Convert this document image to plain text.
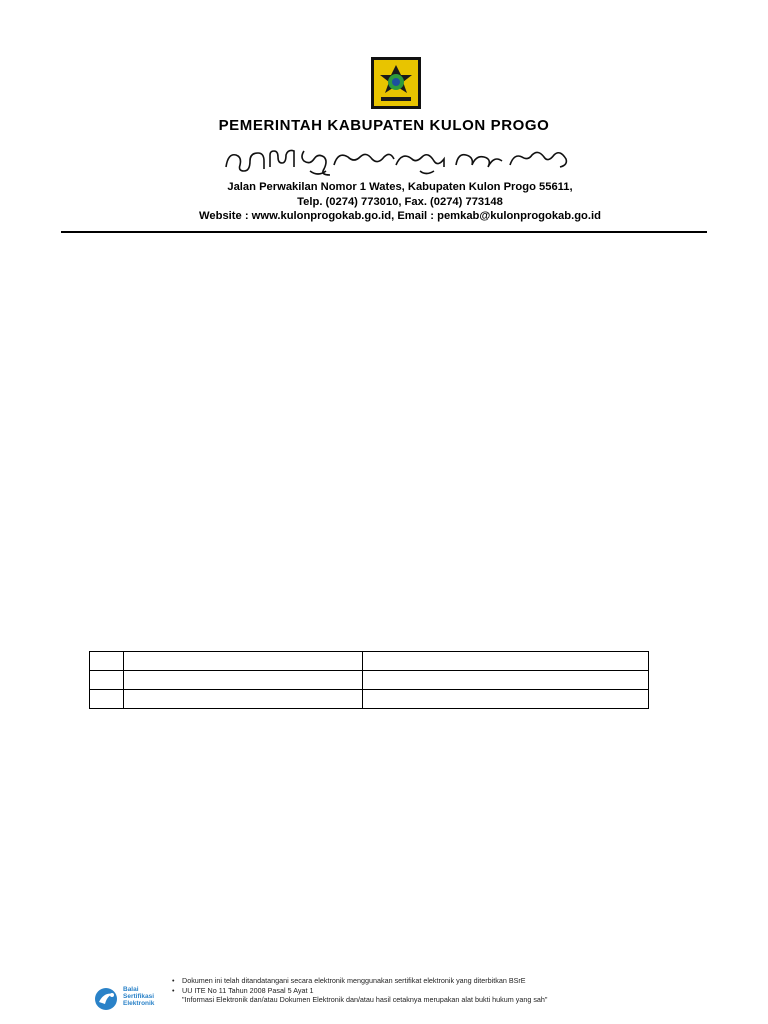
PEMERINTAH KABUPATEN KULON PROGO
Jalan Perwakilan Nomor 1 Wates, Kabupaten Kulon Progo 55611,
Telp. (0274) 773010, Fax. (0274) 773148
Website : www.kulonprogokab.go.id, Email : pemkab@kulonprogokab.go.id

Balai
Sertifikasi
Elektronik
• Dokumen ini telah ditandatangani secara elektronik menggunakan sertifikat elektronik yang diterbitkan BSrE
• UU ITE No 11 Tahun 2008 Pasal 5 Ayat 1
"Informasi Elektronik dan/atau Dokumen Elektronik dan/atau hasil cetaknya merupakan alat bukti hukum yang sah"
